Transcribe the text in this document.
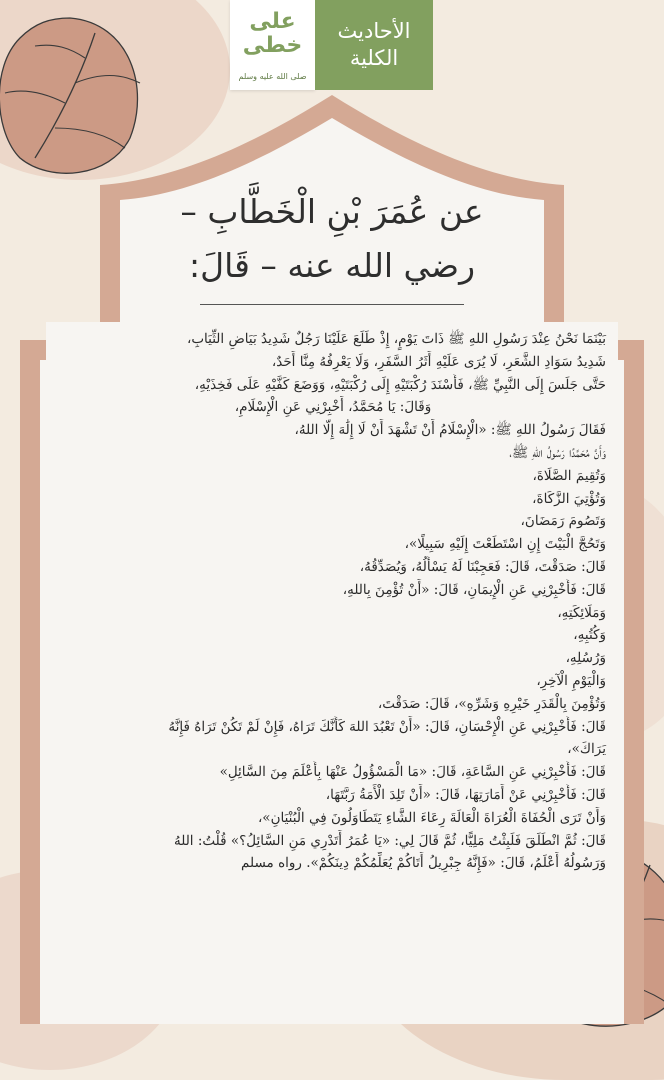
على
خطى
صلى الله عليه وسلم
الأحاديث
الكلية
عن عُمَرَ بْنِ الْخَطَّابِ –
رضي الله عنه – قَالَ:
بَيْنَمَا نَحْنُ عِنْدَ رَسُولِ اللهِ ﷺ ذَاتَ يَوْمٍ، إِذْ طَلَعَ عَلَيْنَا رَجُلٌ شَدِيدُ بَيَاضِ الثِّيَابِ،
شَدِيدُ سَوَادِ الشَّعَرِ، لَا يُرَى عَلَيْهِ أَثَرُ السَّفَرِ، وَلَا يَعْرِفُهُ مِنَّا أَحَدٌ،
حَتَّى جَلَسَ إِلَى النَّبِيِّ ﷺ، فَأَسْنَدَ رُكْبَتَيْهِ إِلَى رُكْبَتَيْهِ، وَوَضَعَ كَفَّيْهِ عَلَى فَخِذَيْهِ،
وَقَالَ: يَا مُحَمَّدُ، أَخْبِرْنِي عَنِ الْإِسْلَامِ،
فَقَالَ رَسُولُ اللهِ ﷺ: «الْإِسْلَامُ أَنْ تَشْهَدَ أَنْ لَا إِلَٰهَ إِلَّا اللهُ،
وَأَنَّ مُحَمَّدًا رَسُولُ اللهِ ﷺ،
وَتُقِيمَ الصَّلَاةَ،
وَتُؤْتِيَ الزَّكَاةَ،
وَتَصُومَ رَمَضَانَ،
وَتَحُجَّ الْبَيْتَ إِنِ اسْتَطَعْتَ إِلَيْهِ سَبِيلًا»،
قَالَ: صَدَقْتَ، قَالَ: فَعَجِبْنَا لَهُ يَسْأَلُهُ، وَيُصَدِّقُهُ،
قَالَ: فَأَخْبِرْنِي عَنِ الْإِيمَانِ، قَالَ: «أَنْ تُؤْمِنَ بِاللهِ،
وَمَلَائِكَتِهِ،
وَكُتُبِهِ،
وَرُسُلِهِ،
وَالْيَوْمِ الْآخِرِ،
وَتُؤْمِنَ بِالْقَدَرِ خَيْرِهِ وَشَرِّهِ»، قَالَ: صَدَقْتَ،
قَالَ: فَأَخْبِرْنِي عَنِ الْإِحْسَانِ، قَالَ: «أَنْ تَعْبُدَ اللهَ كَأَنَّكَ تَرَاهُ، فَإِنْ لَمْ تَكُنْ تَرَاهُ فَإِنَّهُ
يَرَاكَ»،
قَالَ: فَأَخْبِرْنِي عَنِ السَّاعَةِ، قَالَ: «مَا الْمَسْؤُولُ عَنْهَا بِأَعْلَمَ مِنَ السَّائِلِ»
قَالَ: فَأَخْبِرْنِي عَنْ أَمَارَتِهَا، قَالَ: «أَنْ تَلِدَ الْأَمَةُ رَبَّتَهَا،
وَأَنْ تَرَى الْحُفَاةَ الْعُرَاةَ الْعَالَةَ رِعَاءَ الشَّاءِ يَتَطَاوَلُونَ فِي الْبُنْيَانِ»،
قَالَ: ثُمَّ انْطَلَقَ فَلَبِثْتُ مَلِيًّا، ثُمَّ قَالَ لِي: «يَا عُمَرُ أَتَدْرِي مَنِ السَّائِلُ؟» قُلْتُ: اللهُ
وَرَسُولُهُ أَعْلَمُ، قَالَ: «فَإِنَّهُ جِبْرِيلُ أَتَاكُمْ يُعَلِّمُكُمْ دِينَكُمْ». رواه مسلم
